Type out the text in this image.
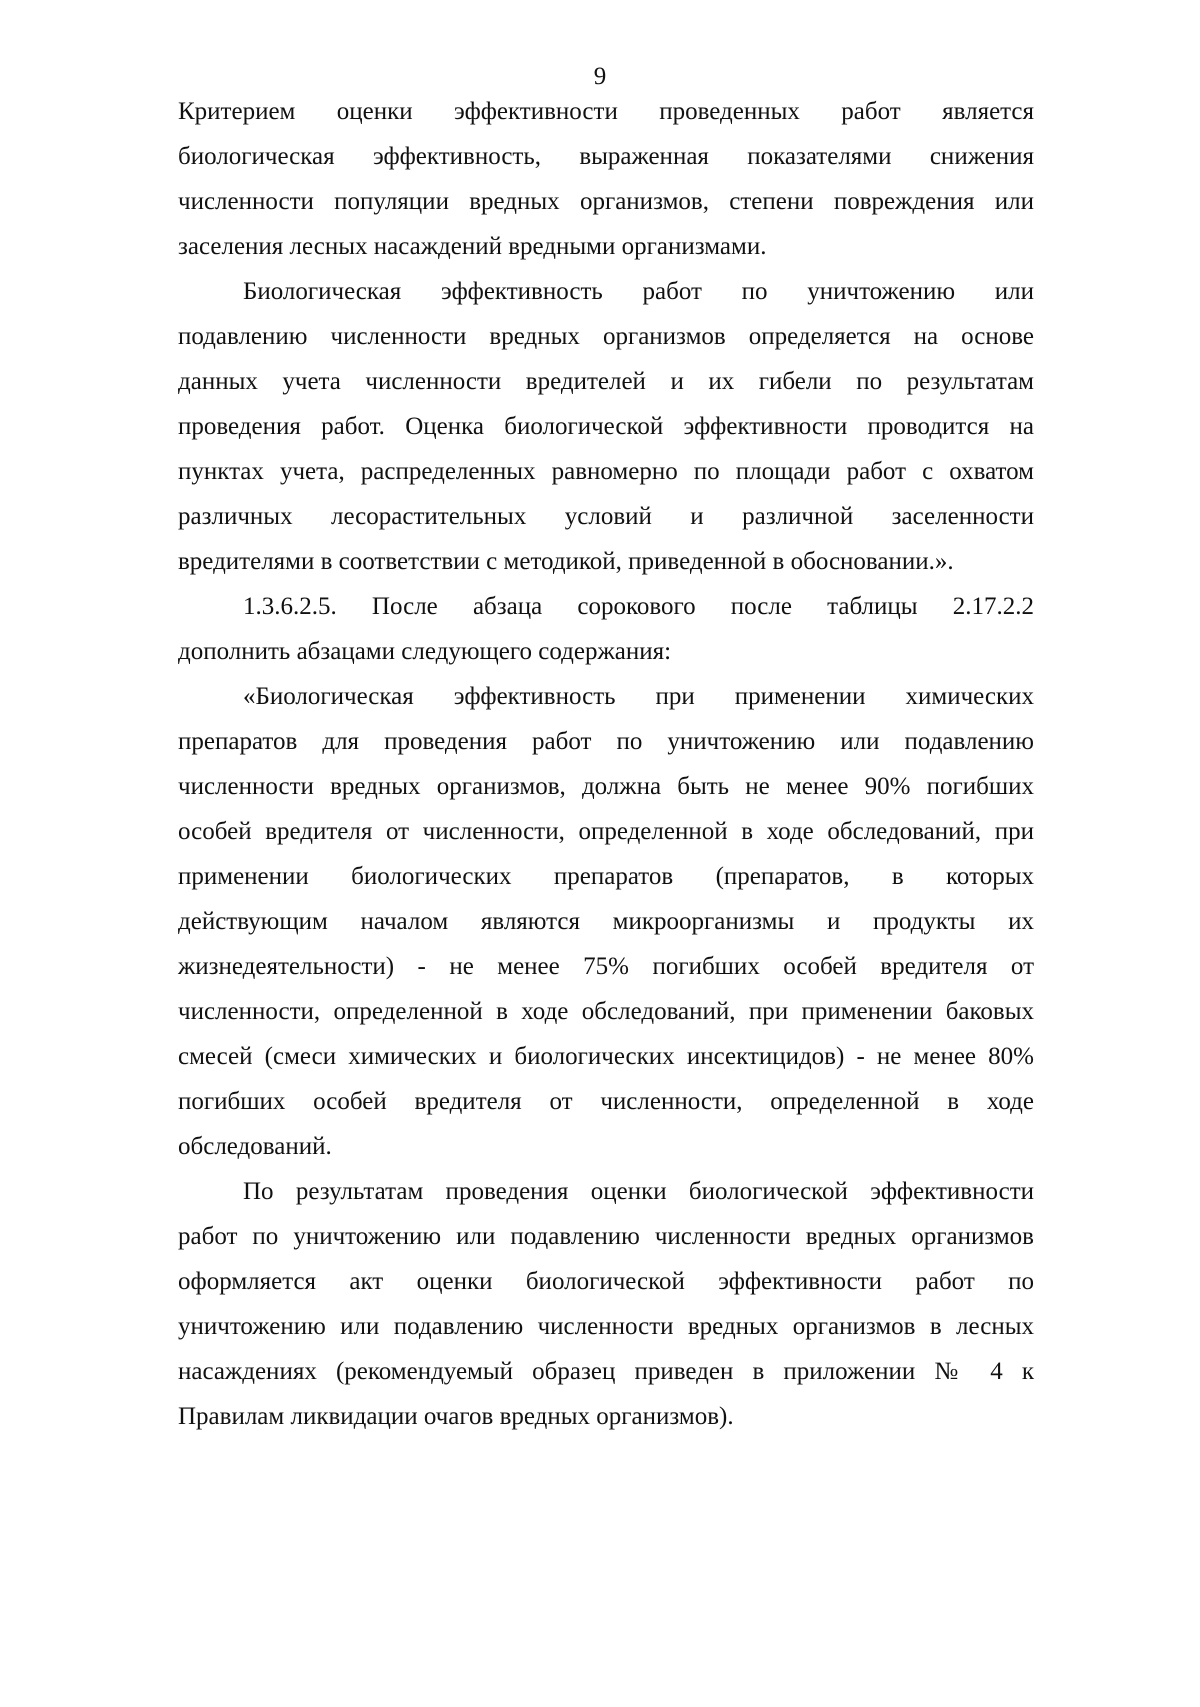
9
Критерием оценки эффективности проведенных работ является
биологическая эффективность, выраженная показателями снижения
численности популяции вредных организмов, степени повреждения или
заселения лесных насаждений вредными организмами.
Биологическая эффективность работ по уничтожению или
подавлению численности вредных организмов определяется на основе
данных учета численности вредителей и их гибели по результатам
проведения работ. Оценка биологической эффективности проводится на
пунктах учета, распределенных равномерно по площади работ с охватом
различных лесорастительных условий и различной заселенности
вредителями в соответствии с методикой, приведенной в обосновании.».
1.3.6.2.5. После абзаца сорокового после таблицы 2.17.2.2
дополнить абзацами следующего содержания:
«Биологическая эффективность при применении химических
препаратов для проведения работ по уничтожению или подавлению
численности вредных организмов, должна быть не менее 90% погибших
особей вредителя от численности, определенной в ходе обследований, при
применении биологических препаратов (препаратов, в которых
действующим началом являются микроорганизмы и продукты их
жизнедеятельности) - не менее 75% погибших особей вредителя от
численности, определенной в ходе обследований, при применении баковых
смесей (смеси химических и биологических инсектицидов) - не менее 80%
погибших особей вредителя от численности, определенной в ходе
обследований.
По результатам проведения оценки биологической эффективности
работ по уничтожению или подавлению численности вредных организмов
оформляется акт оценки биологической эффективности работ по
уничтожению или подавлению численности вредных организмов в лесных
насаждениях (рекомендуемый образец приведен в приложении № 4 к
Правилам ликвидации очагов вредных организмов).
